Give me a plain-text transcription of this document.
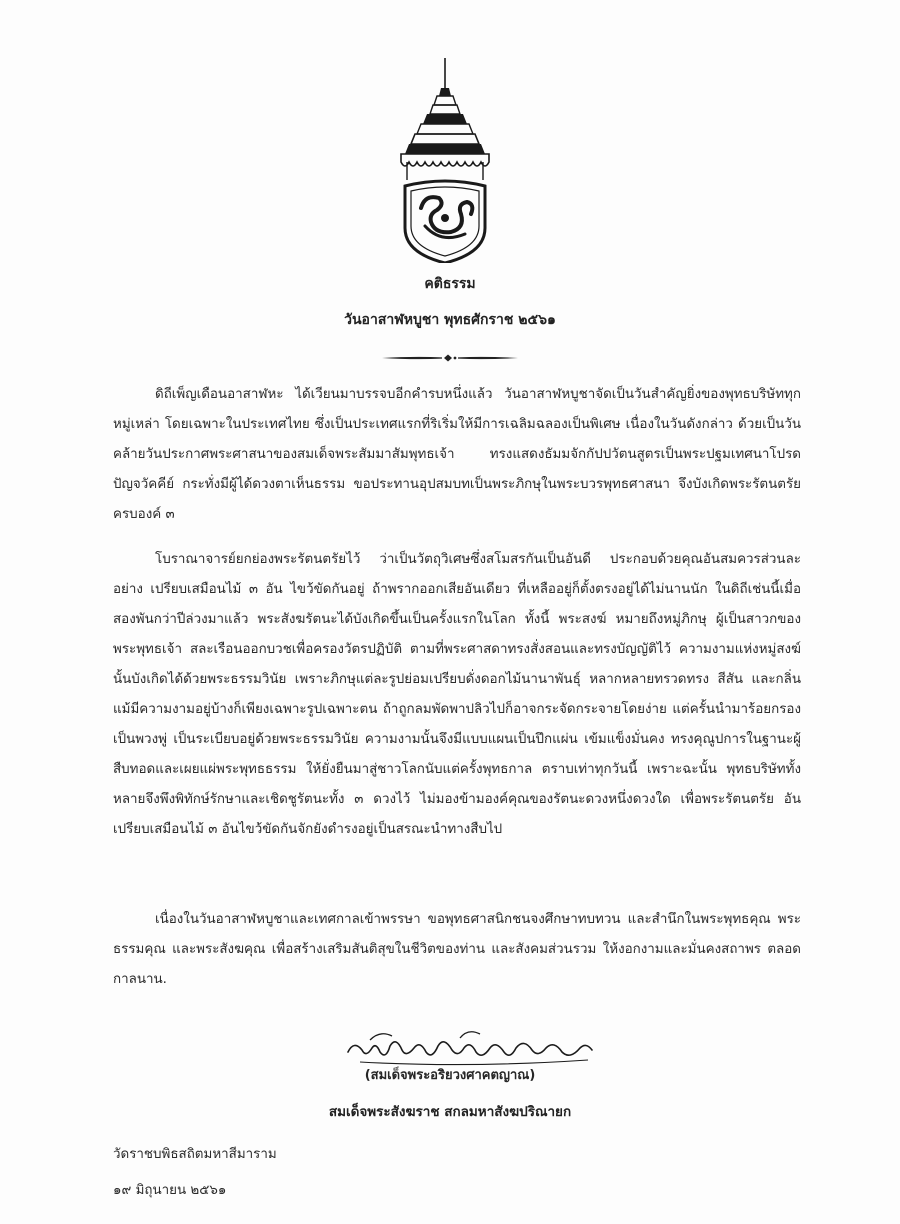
คติธรรม
วันอาสาฬหบูชา พุทธศักราช ๒๕๖๑

ดิถีเพ็ญเดือนอาสาฬหะ ได้เวียนมาบรรจบอีกคำรบหนึ่งแล้ว วันอาสาฬหบูชาจัดเป็นวันสำคัญยิ่งของพุทธบริษัททุกหมู่เหล่า โดยเฉพาะในประเทศไทย ซึ่งเป็นประเทศแรกที่ริเริ่มให้มีการเฉลิมฉลองเป็นพิเศษ เนื่องในวันดังกล่าว ด้วยเป็นวันคล้ายวันประกาศพระศาสนาของสมเด็จพระสัมมาสัมพุทธเจ้า ทรงแสดงธัมมจักกัปปวัตนสูตรเป็นพระปฐมเทศนาโปรดปัญจวัคคีย์ กระทั่งมีผู้ได้ดวงตาเห็นธรรม ขอประทานอุปสมบทเป็นพระภิกษุในพระบวรพุทธศาสนา จึงบังเกิดพระรัตนตรัยครบองค์ ๓

โบราณาจารย์ยกย่องพระรัตนตรัยไว้ ว่าเป็นวัตถุวิเศษซึ่งสโมสรกันเป็นอันดี ประกอบด้วยคุณอันสมควรส่วนละอย่าง เปรียบเสมือนไม้ ๓ อัน ไขว้ขัดกันอยู่ ถ้าพรากออกเสียอันเดียว ที่เหลืออยู่ก็ตั้งตรงอยู่ได้ไม่นานนัก ในดิถีเช่นนี้เมื่อสองพันกว่าปีล่วงมาแล้ว พระสังฆรัตนะได้บังเกิดขึ้นเป็นครั้งแรกในโลก ทั้งนี้ พระสงฆ์ หมายถึงหมู่ภิกษุ ผู้เป็นสาวกของพระพุทธเจ้า สละเรือนออกบวชเพื่อครองวัตรปฏิบัติ ตามที่พระศาสดาทรงสั่งสอนและทรงบัญญัติไว้ ความงามแห่งหมู่สงฆ์นั้นบังเกิดได้ด้วยพระธรรมวินัย เพราะภิกษุแต่ละรูปย่อมเปรียบดั่งดอกไม้นานาพันธุ์ หลากหลายทรวดทรง สีสัน และกลิ่น แม้มีความงามอยู่บ้างก็เพียงเฉพาะรูปเฉพาะตน ถ้าถูกลมพัดพาปลิวไปก็อาจกระจัดกระจายโดยง่าย แต่ครั้นนำมาร้อยกรองเป็นพวงพู่ เป็นระเบียบอยู่ด้วยพระธรรมวินัย ความงามนั้นจึงมีแบบแผนเป็นปึกแผ่น เข้มแข็งมั่นคง ทรงคุณูปการในฐานะผู้สืบทอดและเผยแผ่พระพุทธธรรม ให้ยั่งยืนมาสู่ชาวโลกนับแต่ครั้งพุทธกาล ตราบเท่าทุกวันนี้ เพราะฉะนั้น พุทธบริษัททั้งหลายจึงพึงพิทักษ์รักษาและเชิดชูรัตนะทั้ง ๓ ดวงไว้ ไม่มองข้ามองค์คุณของรัตนะดวงหนึ่งดวงใด เพื่อพระรัตนตรัย อันเปรียบเสมือนไม้ ๓ อันไขว้ขัดกันจักยังดำรงอยู่เป็นสรณะนำทางสืบไป

เนื่องในวันอาสาฬหบูชาและเทศกาลเข้าพรรษา ขอพุทธศาสนิกชนจงศึกษาทบทวน และสำนึกในพระพุทธคุณ พระธรรมคุณ และพระสังฆคุณ เพื่อสร้างเสริมสันติสุขในชีวิตของท่าน และสังคมส่วนรวม ให้งอกงามและมั่นคงสถาพร ตลอดกาลนาน.

(สมเด็จพระอริยวงศาคตญาณ)
สมเด็จพระสังฆราช สกลมหาสังฆปริณายก
วัดราชบพิธสถิตมหาสีมาราม
๑๙ มิถุนายน ๒๕๖๑
